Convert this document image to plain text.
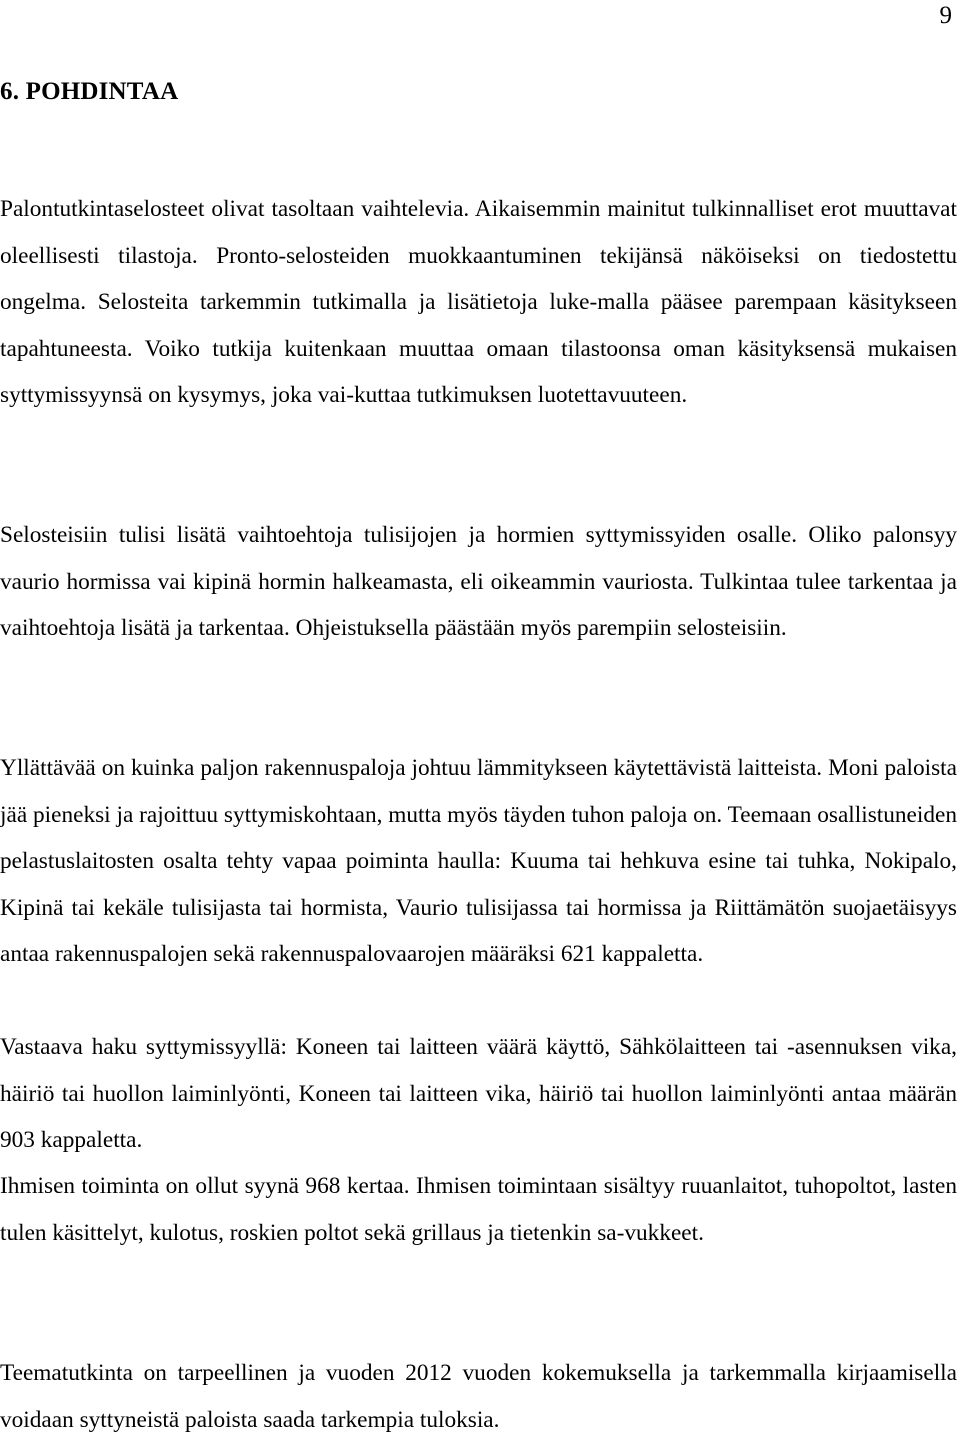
9
6. POHDINTAA

Palontutkintaselosteet olivat tasoltaan vaihtelevia. Aikaisemmin mainitut tulkinnalliset erot muuttavat oleellisesti tilastoja. Pronto-selosteiden muokkaantuminen tekijänsä näköiseksi on tiedostettu ongelma. Selosteita tarkemmin tutkimalla ja lisätietoja luke-malla pääsee parempaan käsitykseen tapahtuneesta. Voiko tutkija kuitenkaan muuttaa omaan tilastoonsa oman käsityksensä mukaisen syttymissyynsä on kysymys, joka vai-kuttaa tutkimuksen luotettavuuteen.

Selosteisiin tulisi lisätä vaihtoehtoja tulisijojen ja hormien syttymissyiden osalle. Oliko palonsyy vaurio hormissa vai kipinä hormin halkeamasta, eli oikeammin vauriosta. Tulkintaa tulee tarkentaa ja vaihtoehtoja lisätä ja tarkentaa. Ohjeistuksella päästään myös parempiin selosteisiin.

Yllättävää on kuinka paljon rakennuspaloja johtuu lämmitykseen käytettävistä laitteista. Moni paloista jää pieneksi ja rajoittuu syttymiskohtaan, mutta myös täyden tuhon paloja on. Teemaan osallistuneiden pelastuslaitosten osalta tehty vapaa poiminta haulla: Kuuma tai hehkuva esine tai tuhka, Nokipalo, Kipinä tai kekäle tulisijasta tai hormista, Vaurio tulisijassa tai hormissa ja Riittämätön suojaetäisyys antaa rakennuspalojen sekä rakennuspalovaarojen määräksi 621 kappaletta.

Vastaava haku syttymissyyllä: Koneen tai laitteen väärä käyttö, Sähkölaitteen tai -asennuksen vika, häiriö tai huollon laiminlyönti, Koneen tai laitteen vika, häiriö tai huollon laiminlyönti antaa määrän 903 kappaletta.

Ihmisen toiminta on ollut syynä 968 kertaa. Ihmisen toimintaan sisältyy ruuanlaitot, tuhopoltot, lasten tulen käsittelyt, kulotus, roskien poltot sekä grillaus ja tietenkin sa-vukkeet.

Teematutkinta on tarpeellinen ja vuoden 2012 vuoden kokemuksella ja tarkemmalla kirjaamisella voidaan syttyneistä paloista saada tarkempia tuloksia.
